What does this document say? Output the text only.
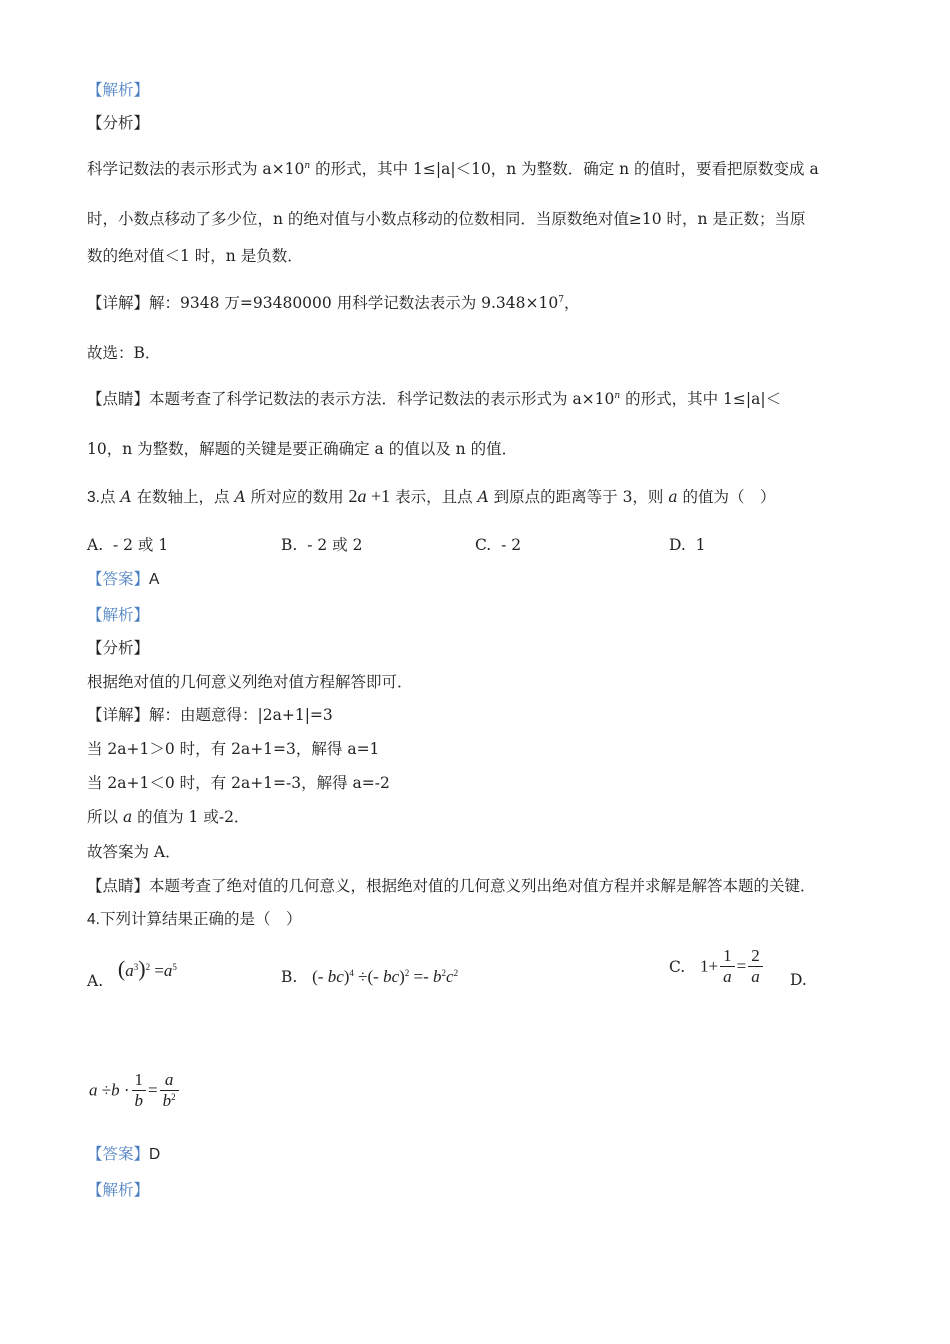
【解析】
【分析】
科学记数法的表示形式为 $a\times 10^n$ 的形式，其中 1≤|a|＜10，n 为整数．确定 n 的值时，要看把原数变成 a
时，小数点移动了多少位，n 的绝对值与小数点移动的位数相同．当原数绝对值≥10 时，n 是正数；当原
数的绝对值＜1 时，n 是负数．
【详解】解：9348 万=93480000 用科学记数法表示为 $9.348\times 10^7$，
故选：B．
【点睛】本题考查了科学记数法的表示方法．科学记数法的表示形式为 $a\times 10^n$ 的形式，其中 1≤|a|＜
10，n 为整数，解题的关键是要正确确定 a 的值以及 n 的值．
3.点 A 在数轴上，点 A 所对应的数用 2a +1 表示，且点 A 到原点的距离等于 3，则 a 的值为（　）
A. - 2 或 1	B. - 2 或 2	C. - 2	D. 1
【答案】A
【解析】
【分析】
根据绝对值的几何意义列绝对值方程解答即可．
【详解】解：由题意得：|2a+1|=3
当 2a+1＞0 时，有 2a+1=3，解得 a=1
当 2a+1＜0 时，有 2a+1=-3，解得 a=-2
所以 a 的值为 1 或-2．
故答案为 A．
【点睛】本题考查了绝对值的几何意义，根据绝对值的几何意义列出绝对值方程并求解是解答本题的关键．
4.下列计算结果正确的是（　）
A. $(a^3)^2 =a^5$
B. (- bc)$^4$ ÷(- $bc)^2 =- b^2c^2$	C. $1+ \frac{1}{a} = \frac{2}{a} D$.
$a \div b \cdot \frac{1}{b} = \frac{a}{b^2}$
【答案】D
【解析】
